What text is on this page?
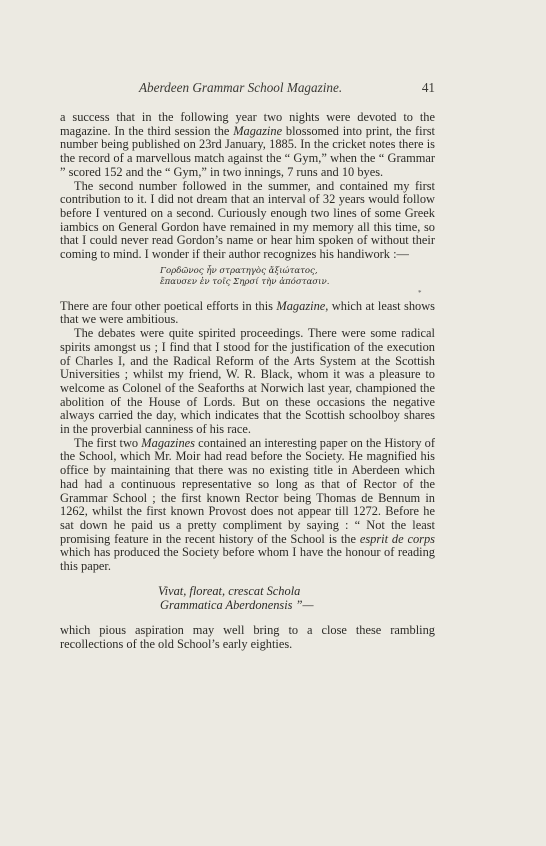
Aberdeen Grammar School Magazine.	41
*

a success that in the following year two nights were devoted to the magazine. In the third session the Magazine blossomed into print, the first number being published on 23rd January, 1885. In the cricket notes there is the record of a marvellous match against the “ Gym,” when the “ Grammar ” scored 152 and the “ Gym,” in two innings, 7 runs and 10 byes.

The second number followed in the summer, and contained my first contribution to it. I did not dream that an interval of 32 years would follow before I ventured on a second. Curiously enough two lines of some Greek iambics on General Gordon have remained in my memory all this time, so that I could never read Gordon’s name or hear him spoken of without their coming to mind. I wonder if their author recognizes his handiwork :—

Γορδῶνος ἦν στρατηγὸς ἄξιώτατος,
ἔπαυσεν ἐν τοῖς Σηρσί τὴν ἀπόστασιν.

There are four other poetical efforts in this Magazine, which at least shows that we were ambitious.

The debates were quite spirited proceedings. There were some radical spirits amongst us ; I find that I stood for the justification of the execution of Charles I, and the Radical Reform of the Arts System at the Scottish Universities ; whilst my friend, W. R. Black, whom it was a pleasure to welcome as Colonel of the Seaforths at Norwich last year, championed the abolition of the House of Lords. But on these occasions the negative always carried the day, which indicates that the Scottish schoolboy shares in the proverbial canniness of his race.

The first two Magazines contained an interesting paper on the History of the School, which Mr. Moir had read before the Society. He magnified his office by maintaining that there was no existing title in Aberdeen which had had a continuous representative so long as that of Rector of the Grammar School ; the first known Rector being Thomas de Bennum in 1262, whilst the first known Provost does not appear till 1272. Before he sat down he paid us a pretty compliment by saying : “ Not the least promising feature in the recent history of the School is the esprit de corps which has produced the Society before whom I have the honour of reading this paper.

Vivat, floreat, crescat Schola
Grammatica Aberdonensis ”—

which pious aspiration may well bring to a close these rambling recollections of the old School’s early eighties.
